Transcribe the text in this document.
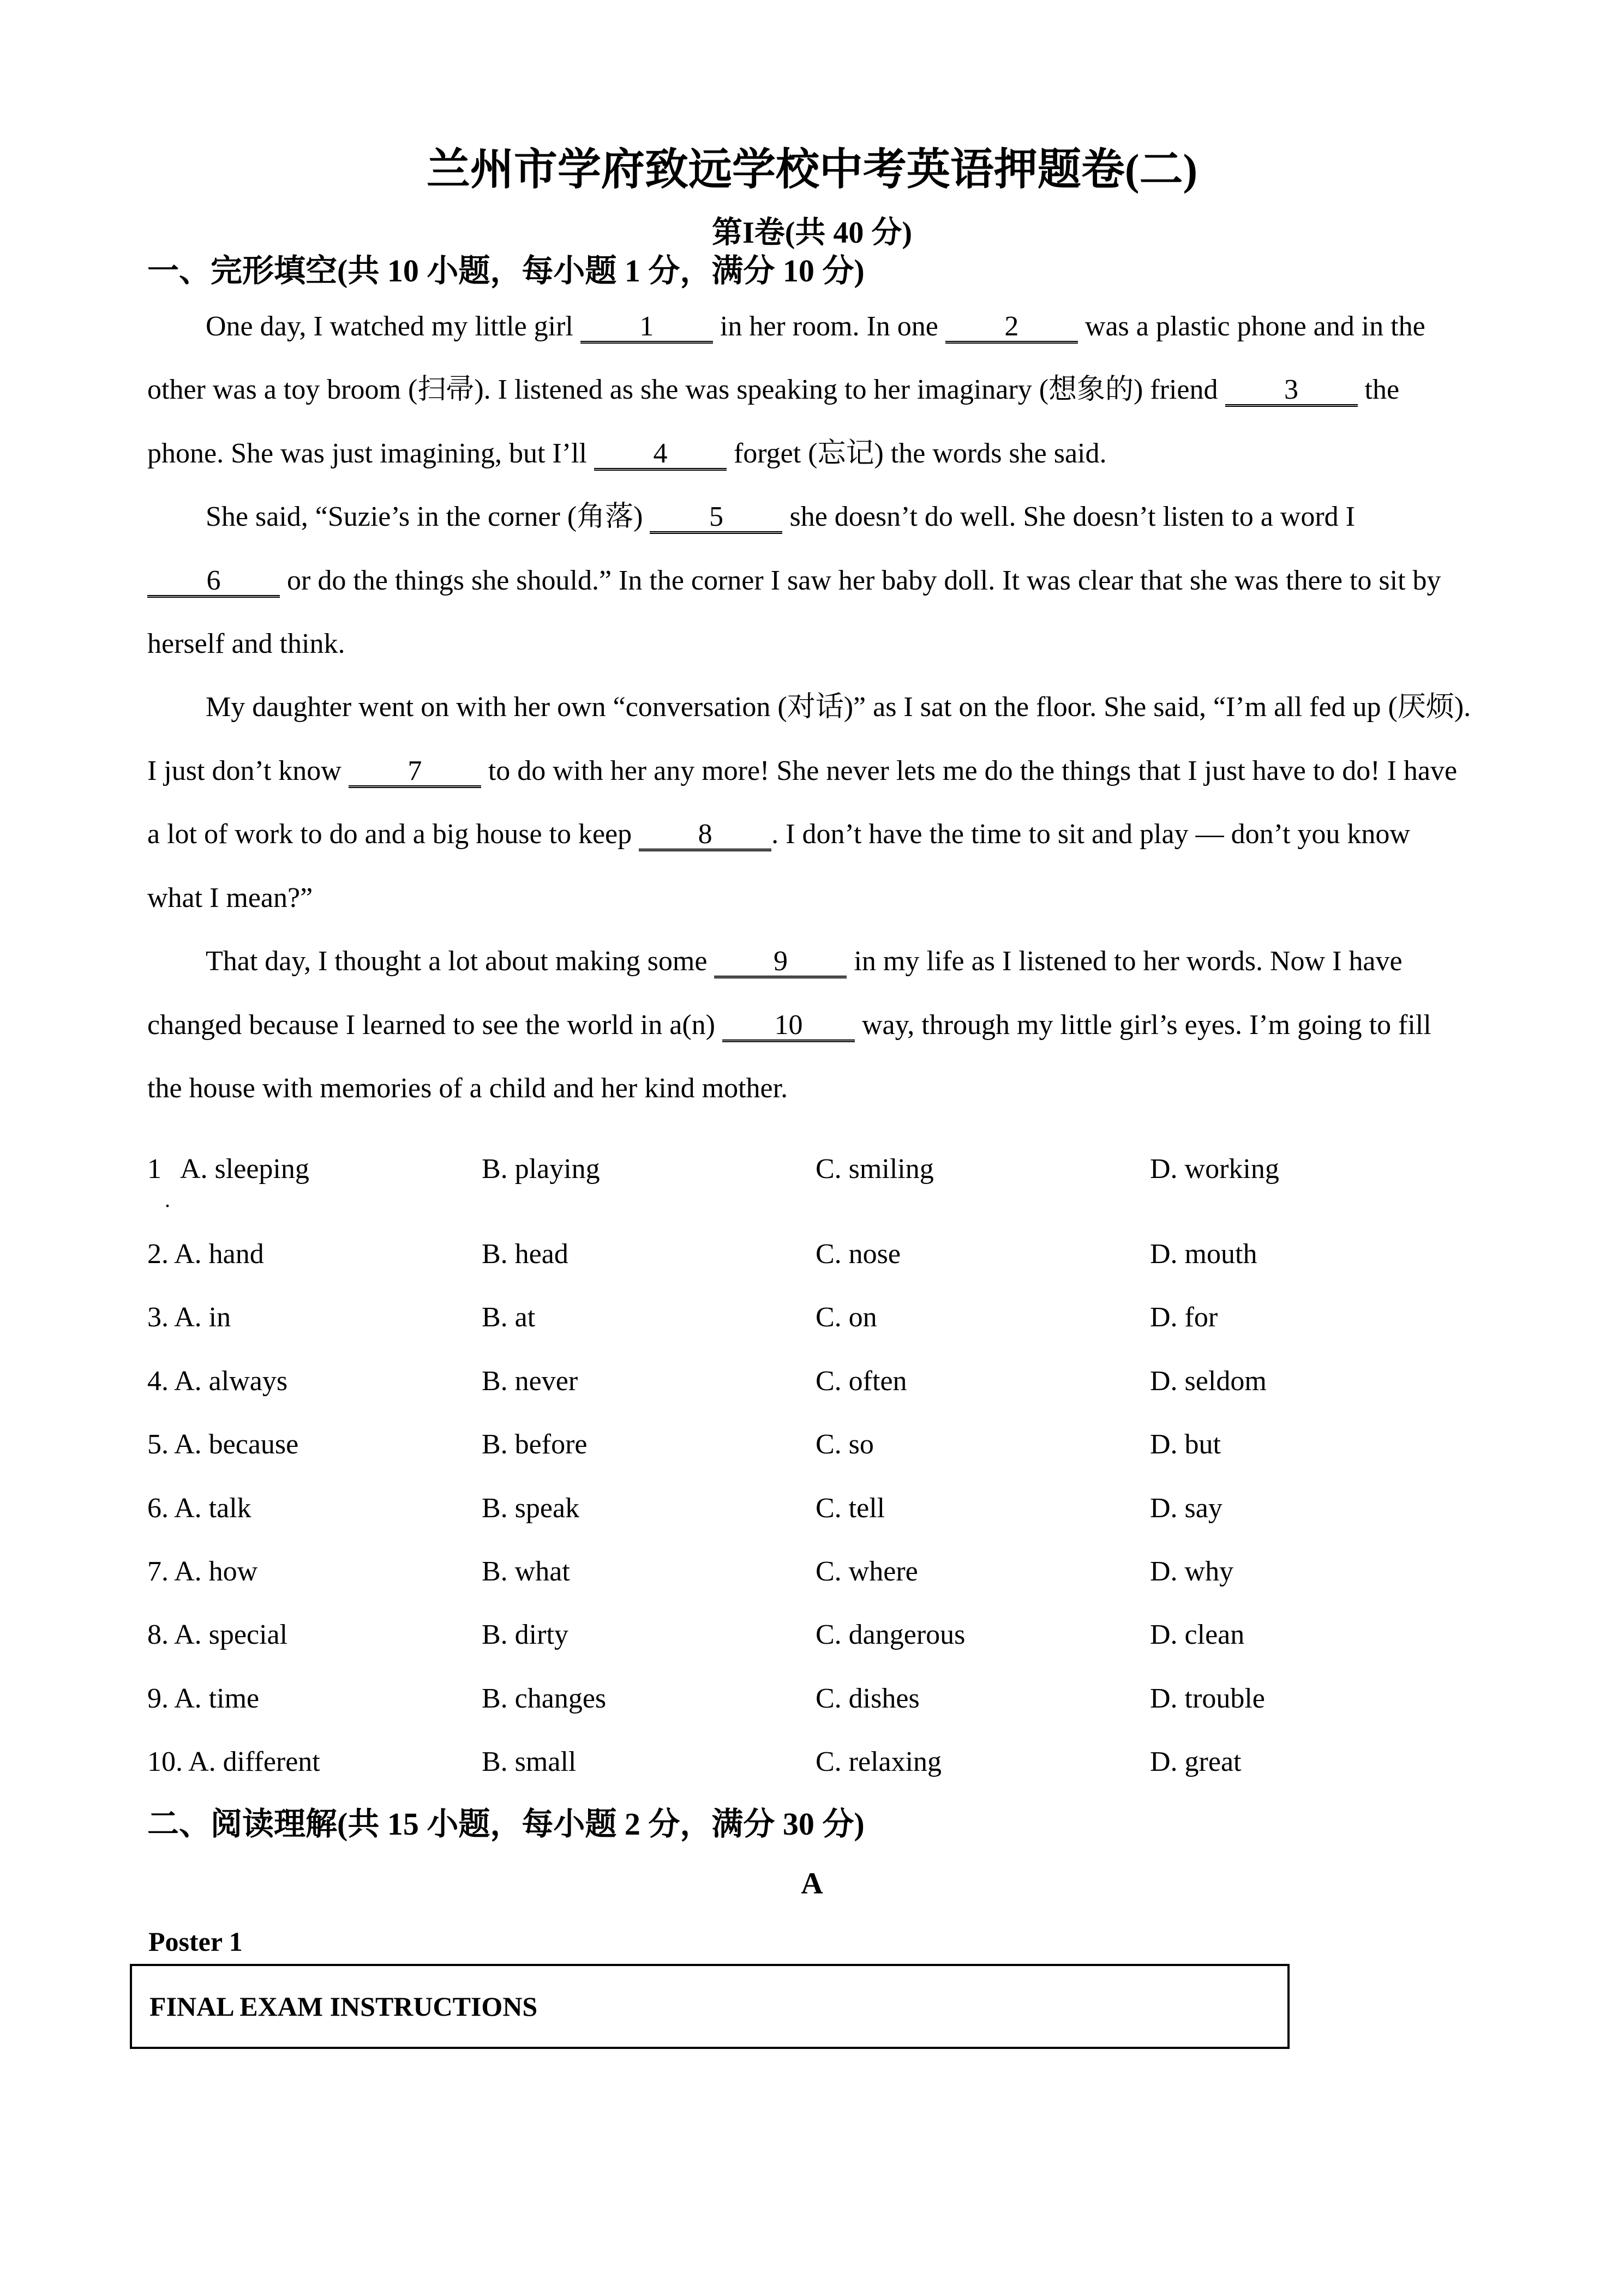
兰州市学府致远学校中考英语押题卷(二)
第I卷(共 40 分)
一、完形填空(共 10 小题，每小题 1 分，满分 10 分)
One day, I watched my little girl 1 in her room. In one 2 was a plastic phone and in the
other was a toy broom (扫帚). I listened as she was speaking to her imaginary (想象的) friend 3 the
phone. She was just imagining, but I’ll 4 forget (忘记) the words she said.
She said, “Suzie’s in the corner (角落) 5 she doesn’t do well. She doesn’t listen to a word I
6 or do the things she should.” In the corner I saw her baby doll. It was clear that she was there to sit by
herself and think.
My daughter went on with her own “conversation (对话)” as I sat on the floor. She said, “I’m all fed up (厌烦).
I just don’t know 7 to do with her any more! She never lets me do the things that I just have to do! I have
a lot of work to do and a big house to keep 8 . I don’t have the time to sit and play — don’t you know
what I mean?”
That day, I thought a lot about making some 9 in my life as I listened to her words. Now I have
changed because I learned to see the world in a(n) 10 way, through my little girl’s eyes. I’m going to fill
the house with memories of a child and her kind mother.
1
.
A. sleeping	B. playing	C. smiling	D. working
2. A. hand	B. head	C. nose	D. mouth
3. A. in	B. at	C. on	D. for
4. A. always	B. never	C. often	D. seldom
5. A. because	B. before	C. so	D. but
6. A. talk	B. speak	C. tell	D. say
7. A. how	B. what	C. where	D. why
8. A. special	B. dirty	C. dangerous	D. clean
9. A. time	B. changes	C. dishes	D. trouble
10. A. different	B. small	C. relaxing	D. great
二、阅读理解(共 15 小题，每小题 2 分，满分 30 分)
A
Poster 1
FINAL EXAM INSTRUCTIONS
